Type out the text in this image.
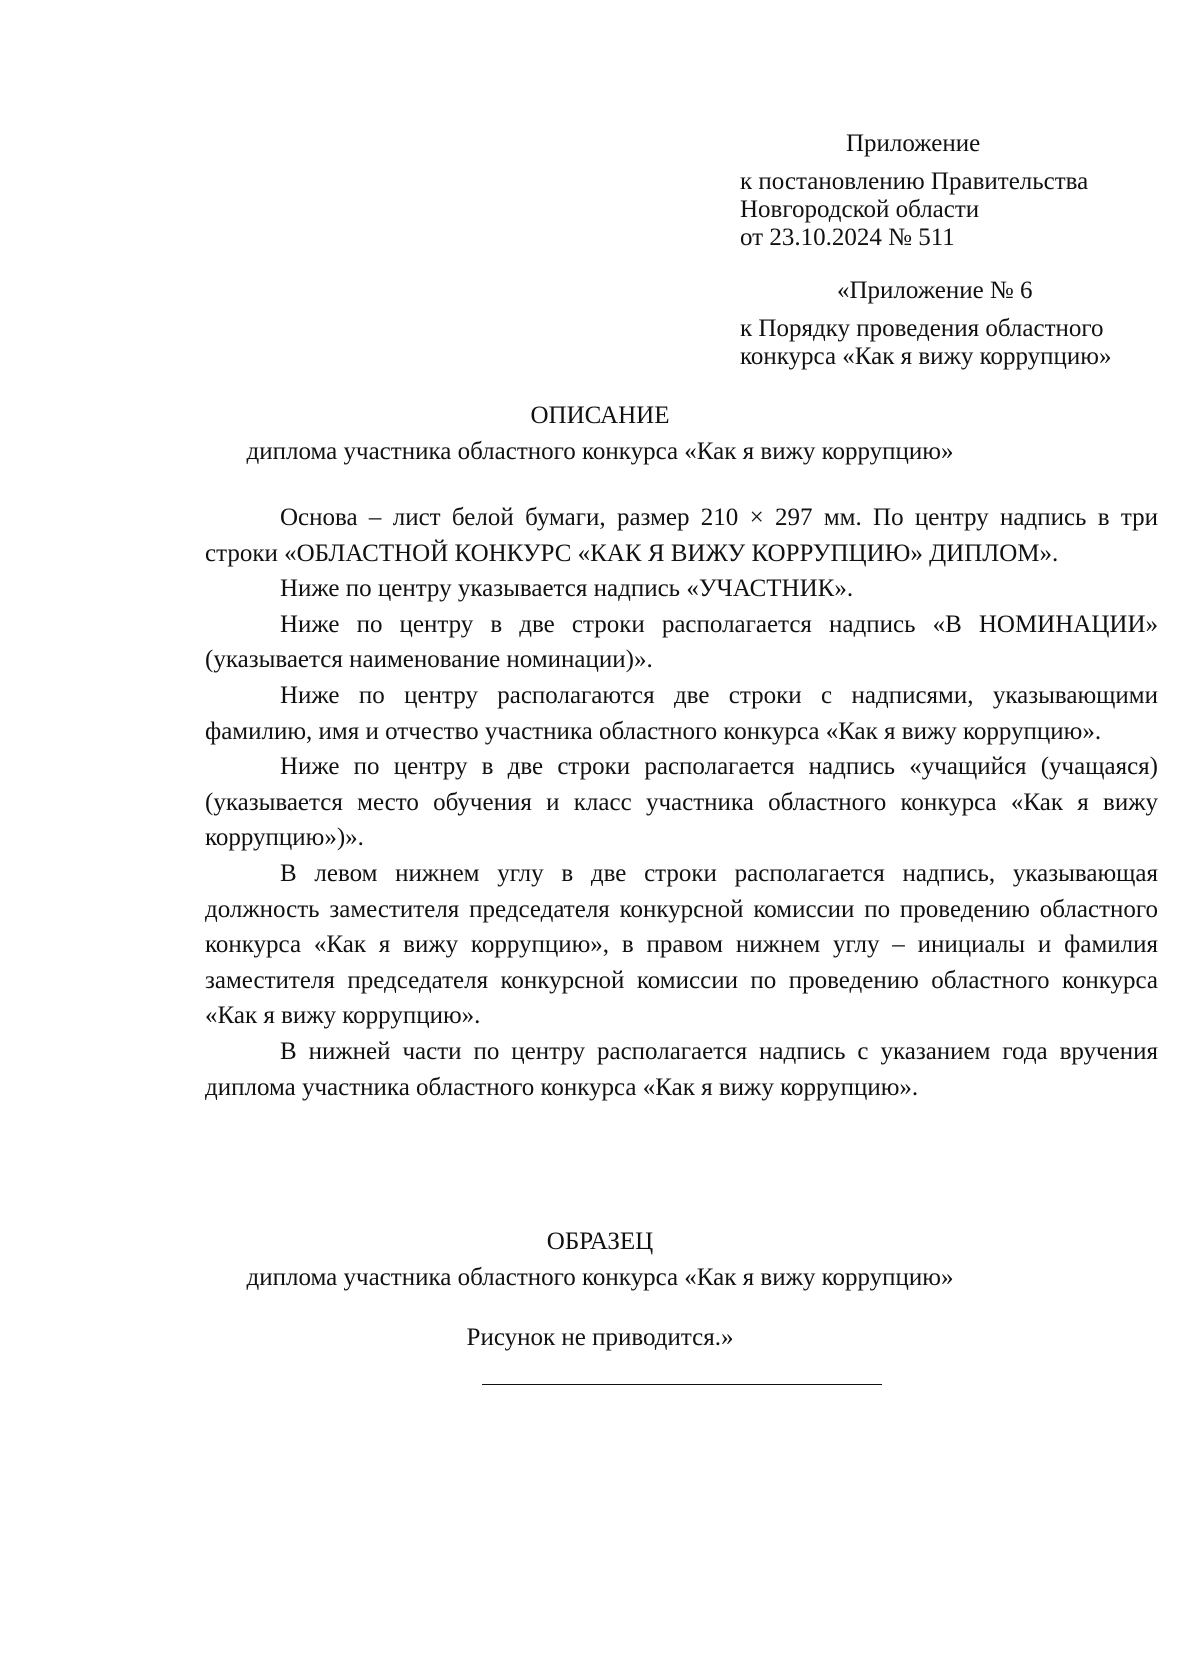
Приложение
к постановлению Правительства
Новгородской области
от 23.10.2024 № 511
«Приложение № 6
к Порядку проведения областного
конкурса «Как я вижу коррупцию»
ОПИСАНИЕ
диплома участника областного конкурса «Как я вижу коррупцию»

Основа – лист белой бумаги, размер 210 × 297 мм. По центру надпись в три строки «ОБЛАСТНОЙ КОНКУРС «КАК Я ВИЖУ КОРРУПЦИЮ» ДИПЛОМ».

Ниже по центру указывается надпись «УЧАСТНИК».

Ниже по центру в две строки располагается надпись «В НОМИНАЦИИ» (указывается наименование номинации)».

Ниже по центру располагаются две строки с надписями, указывающими фамилию, имя и отчество участника областного конкурса «Как я вижу коррупцию».

Ниже по центру в две строки располагается надпись «учащийся (учащаяся) (указывается место обучения и класс участника областного конкурса «Как я вижу коррупцию»)».

В левом нижнем углу в две строки располагается надпись, указывающая должность заместителя председателя конкурсной комиссии по проведению областного конкурса «Как я вижу коррупцию», в правом нижнем углу – инициалы и фамилия заместителя председателя конкурсной комиссии по проведению областного конкурса «Как я вижу коррупцию».

В нижней части по центру располагается надпись с указанием года вручения диплома участника областного конкурса «Как я вижу коррупцию».

ОБРАЗЕЦ
диплома участника областного конкурса «Как я вижу коррупцию»
Рисунок не приводится.»
